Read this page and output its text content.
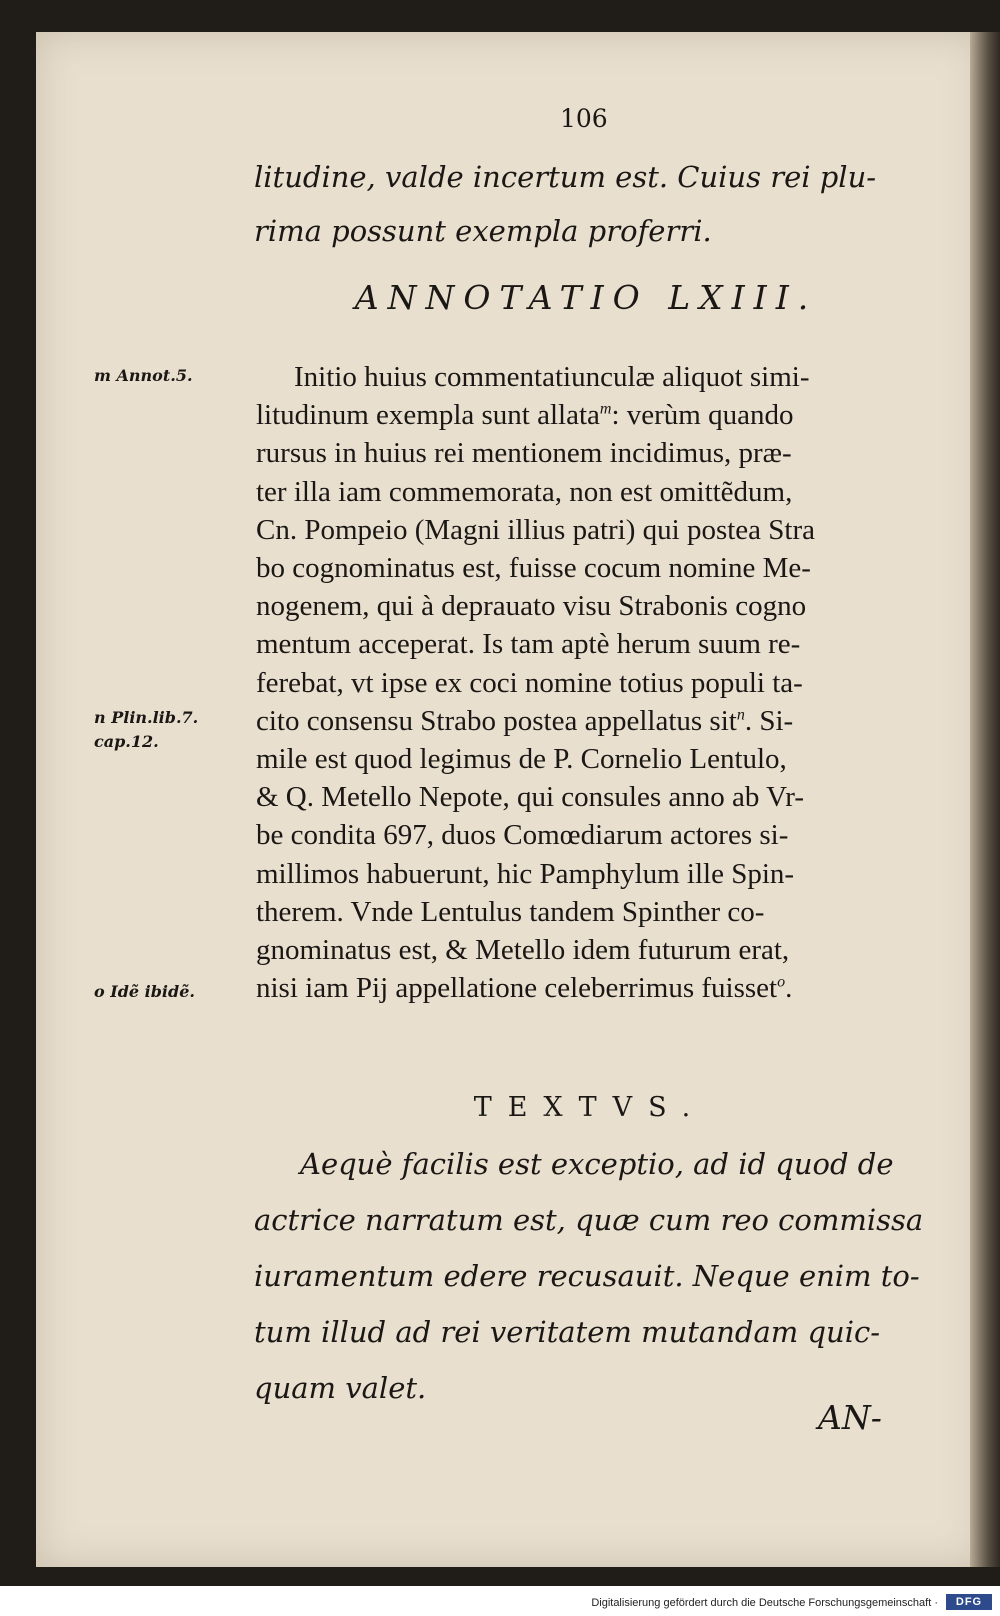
106
litudine, valde incertum est. Cuius rei plu-
rima possunt exempla proferri.
ANNOTATIO LXIII.
m Annot.5.
n Plin.lib.7.
cap.12.
o Idẽ ibidẽ.
Initio huius commentatiunculæ aliquot simi-
litudinum exempla sunt allata$^m$: verùm quando
rursus in huius rei mentionem incidimus, præ-
ter illa iam commemorata, non est omittẽdum,
Cn. Pompeio (Magni illius patri) qui postea Stra
bo cognominatus est, fuisse cocum nomine Me-
nogenem, qui à deprauato visu Strabonis cogno
mentum acceperat. Is tam aptè herum suum re-
ferebat, vt ipse ex coci nomine totius populi ta-
cito consensu Strabo postea appellatus sit$^n$. Si-
mile est quod legimus de P. Cornelio Lentulo,
& Q. Metello Nepote, qui consules anno ab Vr-
be condita 697, duos Comœdiarum actores si-
millimos habuerunt, hic Pamphylum ille Spin-
therem. Vnde Lentulus tandem Spinther co-
gnominatus est, & Metello idem futurum erat,
nisi iam Pij appellatione celeberrimus fuisset$^o$.
TEXTVS.
Aequè facilis est exceptio, ad id quod de
actrice narratum est, quæ cum reo commissa
iuramentum edere recusauit. Neque enim to-
tum illud ad rei veritatem mutandam quic-
quam valet.
AN-
Digitalisierung gefördert durch die Deutsche Forschungsgemeinschaft ·	DFG
